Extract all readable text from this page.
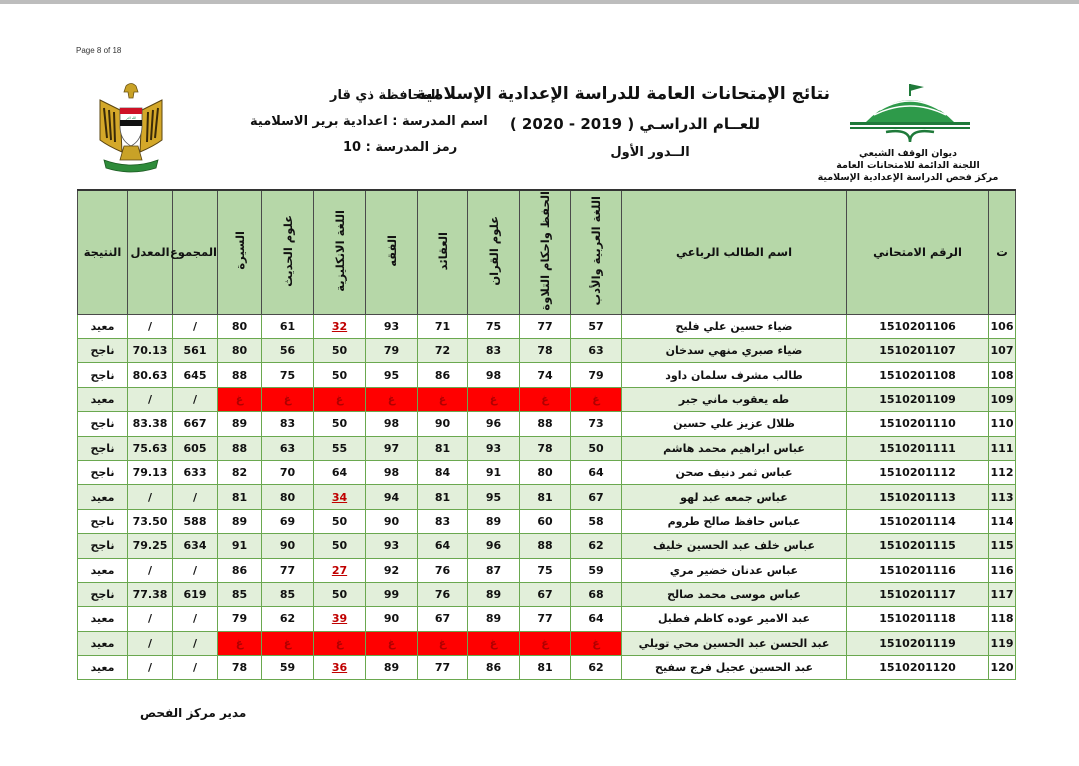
Page 8 of 18
الله اكبر
المحافظة ذي قار
اسم المدرسة : اعدادية برير الاسلامية
رمز المدرسة : 10
نتائج الإمتحانات العامة للدراسة الإعدادية الإسلامية
للعــام الدراسـي ( 2019 - 2020 )
الــدور الأول	ديوان الوقف الشيعي
اللجنة الدائمة للامتحانات العامة
مركز فحص الدراسة الإعدادية الإسلامية
ت	الرقم الامتحاني	اسم الطالب الرباعي	اللغة العربية والأدب	الحفظ واحكام التلاوة	علوم القران	العقائد	الفقه	اللغة الانكليزية	علوم الحديث	السيرة	المجموع	المعدل	النتيجة
106	1510201106	ضياء حسين علي فليح	57	77	75	71	93	32	61	80	/	/	معيد
107	1510201107	ضياء صبري منهي سدخان	63	78	83	72	79	50	56	80	561	70.13	ناجح
108	1510201108	طالب مشرف سلمان داود	79	74	98	86	95	50	75	88	645	80.63	ناجح
109	1510201109	طه يعقوب ماني جبر	غ	غ	غ	غ	غ	غ	غ	غ	/	/	معيد
110	1510201110	ظلال عزيز علي حسين	73	88	96	90	98	50	83	89	667	83.38	ناجح
111	1510201111	عباس ابراهيم محمد هاشم	50	78	93	81	97	55	63	88	605	75.63	ناجح
112	1510201112	عباس ثمر دنيف صحن	64	80	91	84	98	64	70	82	633	79.13	ناجح
113	1510201113	عباس جمعه عبد لهو	67	81	95	81	94	34	80	81	/	/	معيد
114	1510201114	عباس حافظ صالح طروم	58	60	89	83	90	50	69	89	588	73.50	ناجح
115	1510201115	عباس خلف عبد الحسين خليف	62	88	96	64	93	50	90	91	634	79.25	ناجح
116	1510201116	عباس عدنان خضير مري	59	75	87	76	92	27	77	86	/	/	معيد
117	1510201117	عباس موسى محمد صالح	68	67	89	76	99	50	85	85	619	77.38	ناجح
118	1510201118	عبد الامير عوده كاظم فطبل	64	77	89	67	90	39	62	79	/	/	معيد
119	1510201119	عبد الحسن عبد الحسين محي تويلي	غ	غ	غ	غ	غ	غ	غ	غ	/	/	معيد
120	1510201120	عبد الحسين عجيل فرج سفيح	62	81	86	77	89	36	59	78	/	/	معيد
مدير مركز الفحص
